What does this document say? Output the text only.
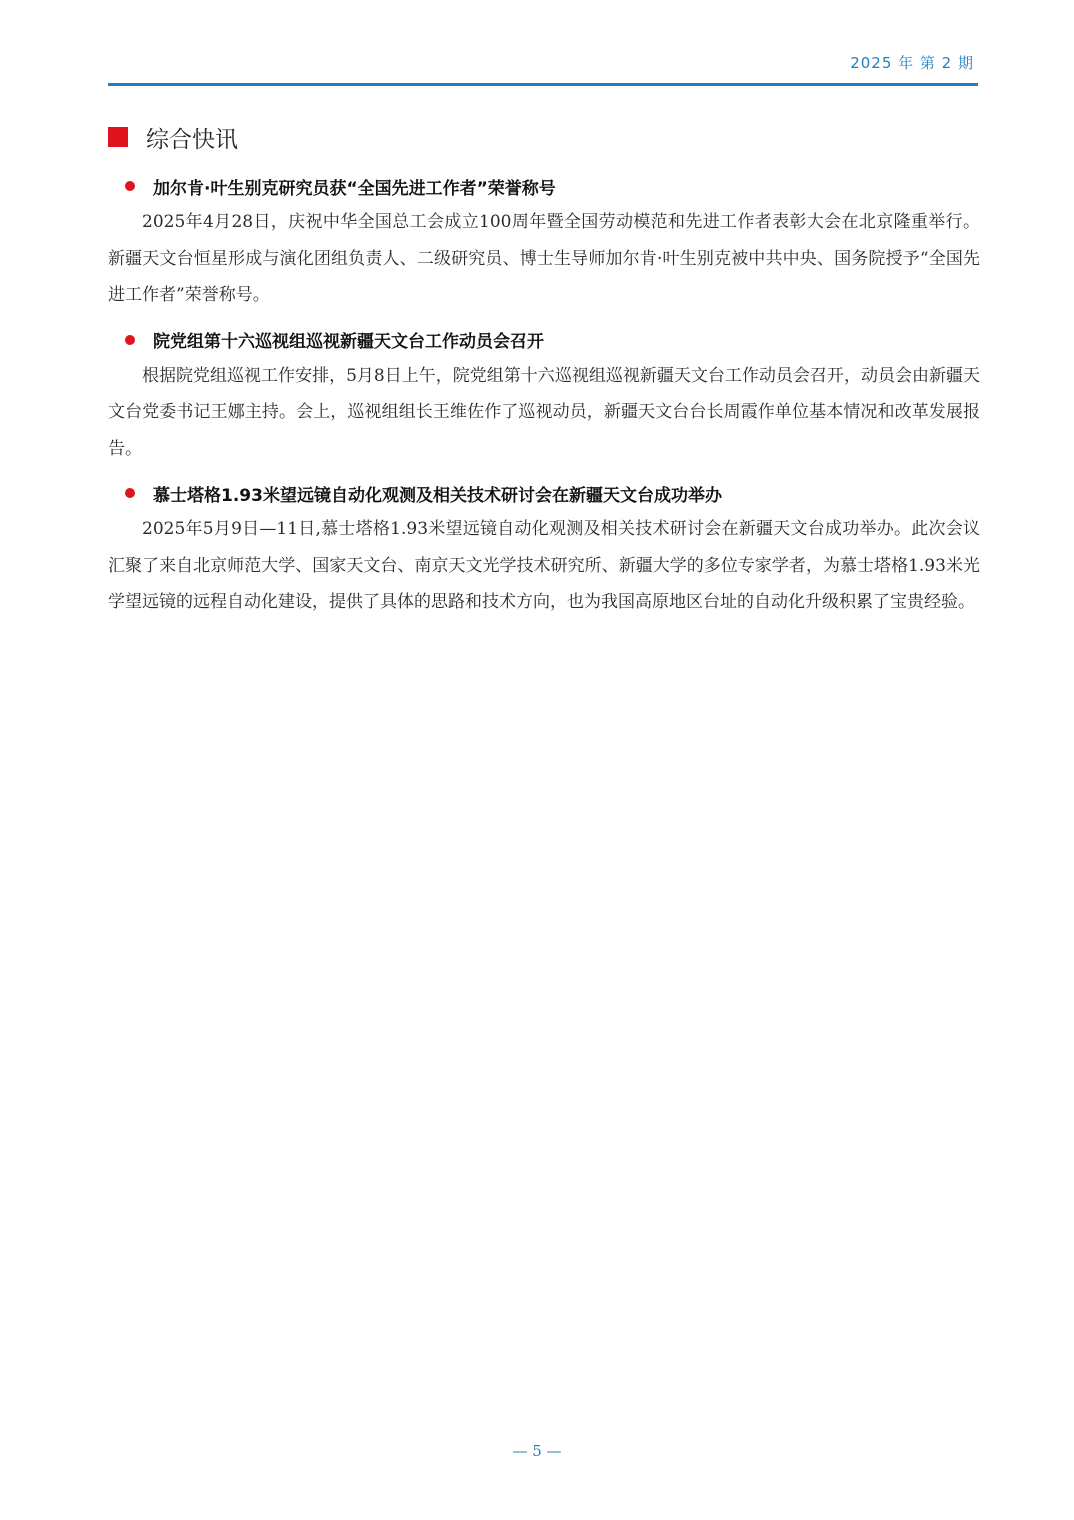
2025 年 第 2 期
综合快讯
加尔肯·叶生别克研究员获“全国先进工作者”荣誉称号

2025年4月28日，庆祝中华全国总工会成立100周年暨全国劳动模范和先进工作者表彰大会在北京隆重举行。新疆天文台恒星形成与演化团组负责人、二级研究员、博士生导师加尔肯·叶生别克被中共中央、国务院授予“全国先进工作者”荣誉称号。

院党组第十六巡视组巡视新疆天文台工作动员会召开

根据院党组巡视工作安排，5月8日上午，院党组第十六巡视组巡视新疆天文台工作动员会召开，动员会由新疆天文台党委书记王娜主持。会上，巡视组组长王维佐作了巡视动员，新疆天文台台长周霞作单位基本情况和改革发展报告。

慕士塔格1.93米望远镜自动化观测及相关技术研讨会在新疆天文台成功举办

2025年5月9日—11日,慕士塔格1.93米望远镜自动化观测及相关技术研讨会在新疆天文台成功举办。此次会议汇聚了来自北京师范大学、国家天文台、南京天文光学技术研究所、新疆大学的多位专家学者，为慕士塔格1.93米光学望远镜的远程自动化建设，提供了具体的思路和技术方向，也为我国高原地区台址的自动化升级积累了宝贵经验。

— 5 —
